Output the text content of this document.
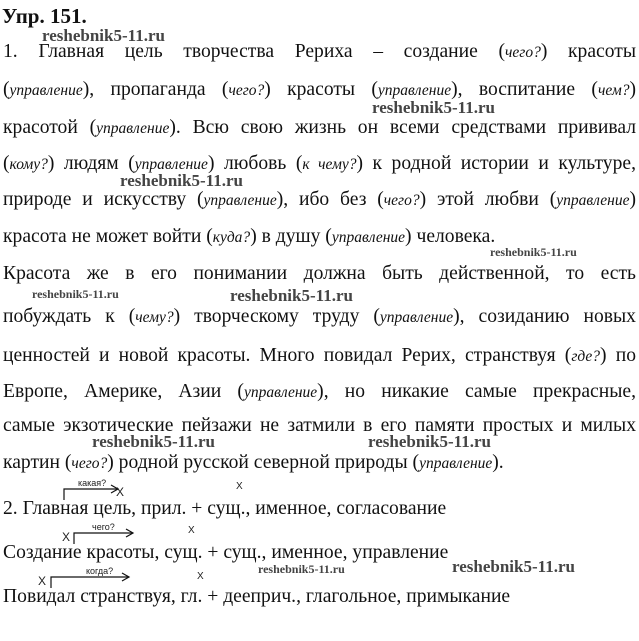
Упр. 151.
1. Главная цель творчества Рериха – создание (чего?) красоты
(управление), пропаганда (чего?) красоты (управление), воспитание (чем?)
красотой (управление). Всю свою жизнь он всеми средствами прививал
(кому?) людям (управление) любовь (к чему?) к родной истории и культуре,
природе и искусству (управление), ибо без (чего?) этой любви (управление)
красота не может войти (куда?) в душу (управление) человека.
Красота же в его понимании должна быть действенной, то есть
побуждать к (чему?) творческому труду (управление), созиданию новых
ценностей и новой красоты. Много повидал Рерих, странствуя (где?) по
Европе, Америке, Азии (управление), но никакие самые прекрасные,
самые экзотические пейзажи не затмили в его памяти простых и милых
картин (чего?) родной русской северной природы (управление).
2. Главная цель, прил. + сущ., именное, согласование
Создание красоты, сущ. + сущ., именное, управление
Повидал странствуя, гл. + дееприч., глагольное, примыкание
какая?
X	X
чего?
X	X
когда?
X	X
reshebnik5-11.ru
reshebnik5-11.ru
reshebnik5-11.ru
reshebnik5-11.ru
reshebnik5-11.ru	reshebnik5-11.ru
reshebnik5-11.ru	reshebnik5-11.ru
reshebnik5-11.ru	reshebnik5-11.ru
